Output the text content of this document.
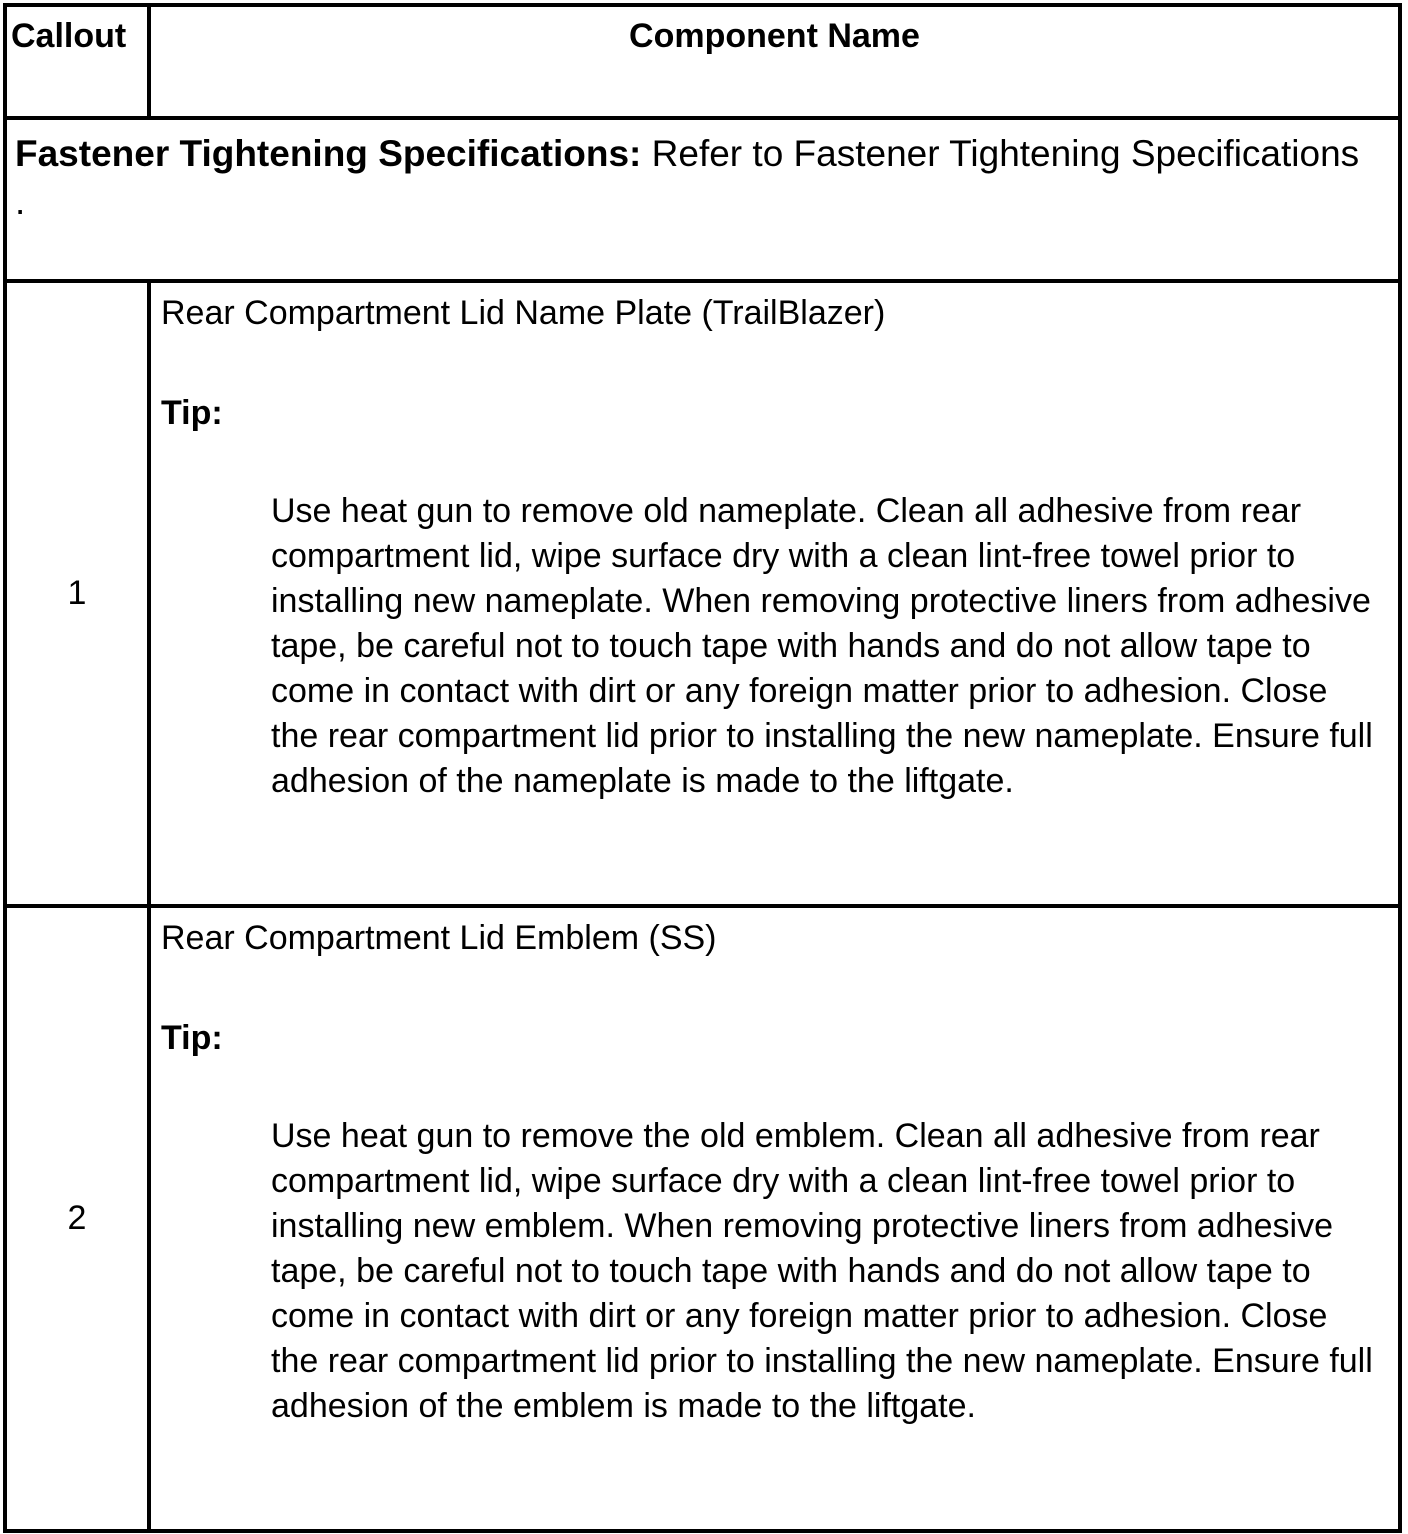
Callout	Component Name
Fastener Tightening Specifications: Refer to Fastener Tightening Specifications
.	
1	Rear Compartment Lid Name Plate (TrailBlazer)

Tip:

Use heat gun to remove old nameplate. Clean all adhesive from rear compartment lid, wipe surface dry with a clean lint-free towel prior to installing new nameplate. When removing protective liners from adhesive tape, be careful not to touch tape with hands and do not allow tape to come in contact with dirt or any foreign matter prior to adhesion. Close the rear compartment lid prior to installing the new nameplate. Ensure full adhesion of the nameplate is made to the liftgate.

2	Rear Compartment Lid Emblem (SS)

Tip:

Use heat gun to remove the old emblem. Clean all adhesive from rear compartment lid, wipe surface dry with a clean lint-free towel prior to installing new emblem. When removing protective liners from adhesive tape, be careful not to touch tape with hands and do not allow tape to come in contact with dirt or any foreign matter prior to adhesion. Close the rear compartment lid prior to installing the new nameplate. Ensure full adhesion of the emblem is made to the liftgate.
